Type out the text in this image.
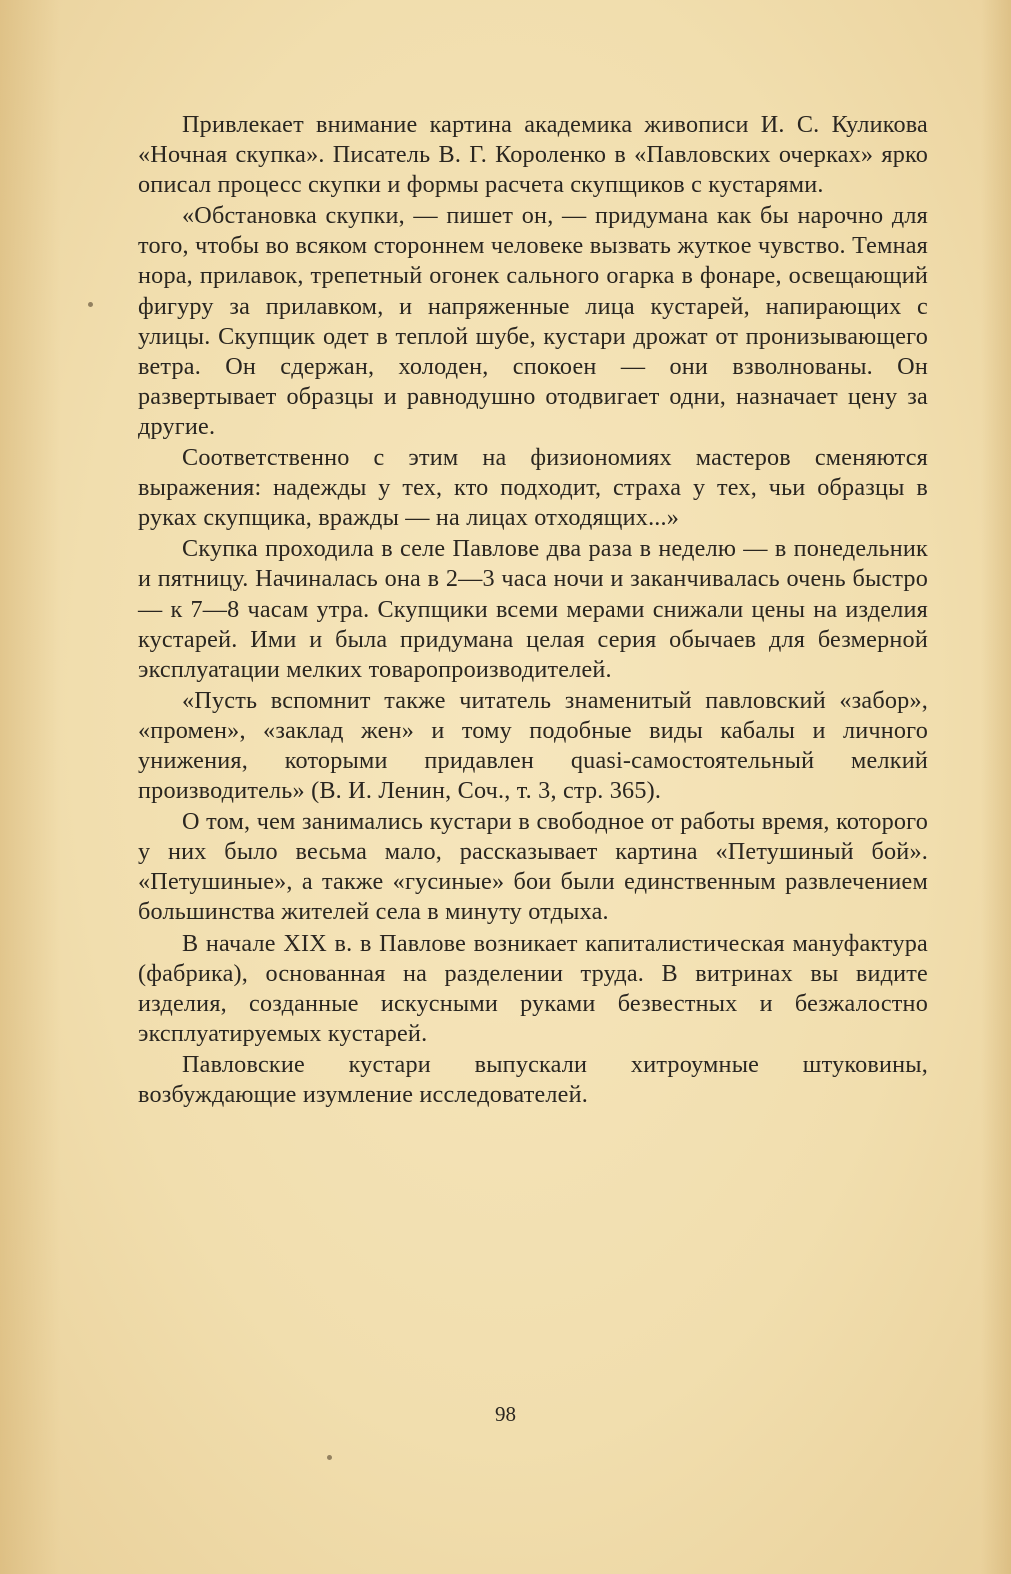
Привлекает внимание картина академика живописи И. С. Куликова «Ночная скупка». Писатель В. Г. Короленко в «Павловских очерках» ярко описал процесс скупки и формы расчета скупщиков с кустарями.

«Обстановка скупки, — пишет он, — придумана как бы нарочно для того, чтобы во всяком стороннем человеке вызвать жуткое чувство. Темная нора, прилавок, трепетный огонек сального огарка в фонаре, освещающий фигуру за прилавком, и напряженные лица кустарей, напирающих с улицы. Скупщик одет в теплой шубе, кустари дрожат от пронизывающего ветра. Он сдержан, холоден, спокоен — они взволнованы. Он развертывает образцы и равнодушно отодвигает одни, назначает цену за другие.

Соответственно с этим на физиономиях мастеров сменяются выражения: надежды у тех, кто подходит, страха у тех, чьи образцы в руках скупщика, вражды — на лицах отходящих...»

Скупка проходила в селе Павлове два раза в неделю — в понедельник и пятницу. Начиналась она в 2—3 часа ночи и заканчивалась очень быстро — к 7—8 часам утра. Скупщики всеми мерами снижали цены на изделия кустарей. Ими и была придумана целая серия обычаев для безмерной эксплуатации мелких товаропроизводителей.

«Пусть вспомнит также читатель знаменитый павловский «забор», «промен», «заклад жен» и тому подобные виды кабалы и личного унижения, которыми придавлен quasi-самостоятельный мелкий производитель» (В. И. Ленин, Соч., т. 3, стр. 365).

О том, чем занимались кустари в свободное от работы время, которого у них было весьма мало, рассказывает картина «Петушиный бой». «Петушиные», а также «гусиные» бои были единственным развлечением большинства жителей села в минуту отдыха.

В начале XIX в. в Павлове возникает капиталистическая мануфактура (фабрика), основанная на разделении труда. В витринах вы видите изделия, созданные искусными руками безвестных и безжалостно эксплуатируемых кустарей.

Павловские кустари выпускали хитроумные штуковины, возбуждающие изумление исследователей.

98
